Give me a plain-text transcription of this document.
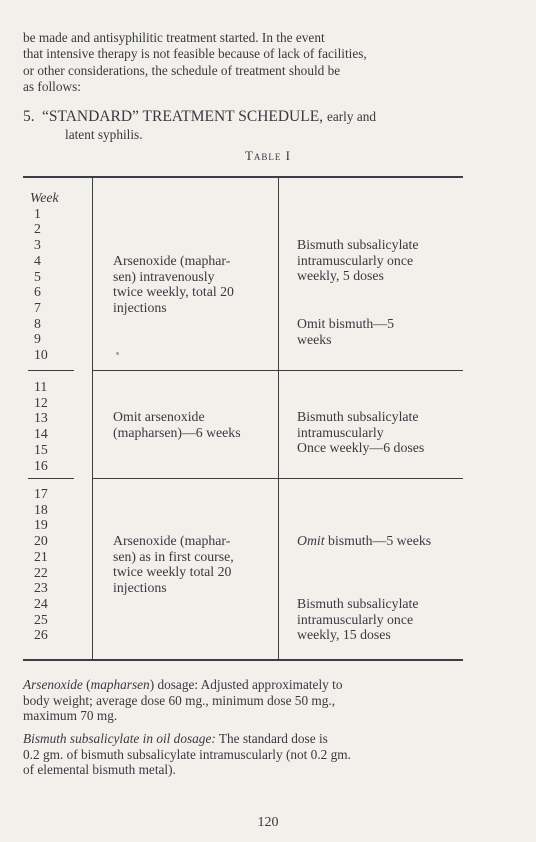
be made and antisyphilitic treatment started. In the event
that intensive therapy is not feasible because of lack of facilities,
or other considerations, the schedule of treatment should be
as follows:
5. “STANDARD” TREATMENT SCHEDULE, early and
latent syphilis.
Table I
Week
1
2
3
4
5
6
7
8
9
10
11
12
13
14
15
16
17
18
19
20
21
22
23
24
25
26
Arsenoxide (maphar-
sen) intravenously
twice weekly, total 20
injections
Bismuth subsalicylate
intramuscularly once
weekly, 5 doses
Omit bismuth—5
weeks
Omit arsenoxide
(mapharsen)—6 weeks
Bismuth subsalicylate
intramuscularly
Once weekly—6 doses
Arsenoxide (maphar-
sen) as in first course,
twice weekly total 20
injections
Omit bismuth—5 weeks
Bismuth subsalicylate
intramuscularly once
weekly, 15 doses
Arsenoxide (mapharsen) dosage: Adjusted approximately to
body weight; average dose 60 mg., minimum dose 50 mg.,
maximum 70 mg.
Bismuth subsalicylate in oil dosage: The standard dose is
0.2 gm. of bismuth subsalicylate intramuscularly (not 0.2 gm.
of elemental bismuth metal).
120
